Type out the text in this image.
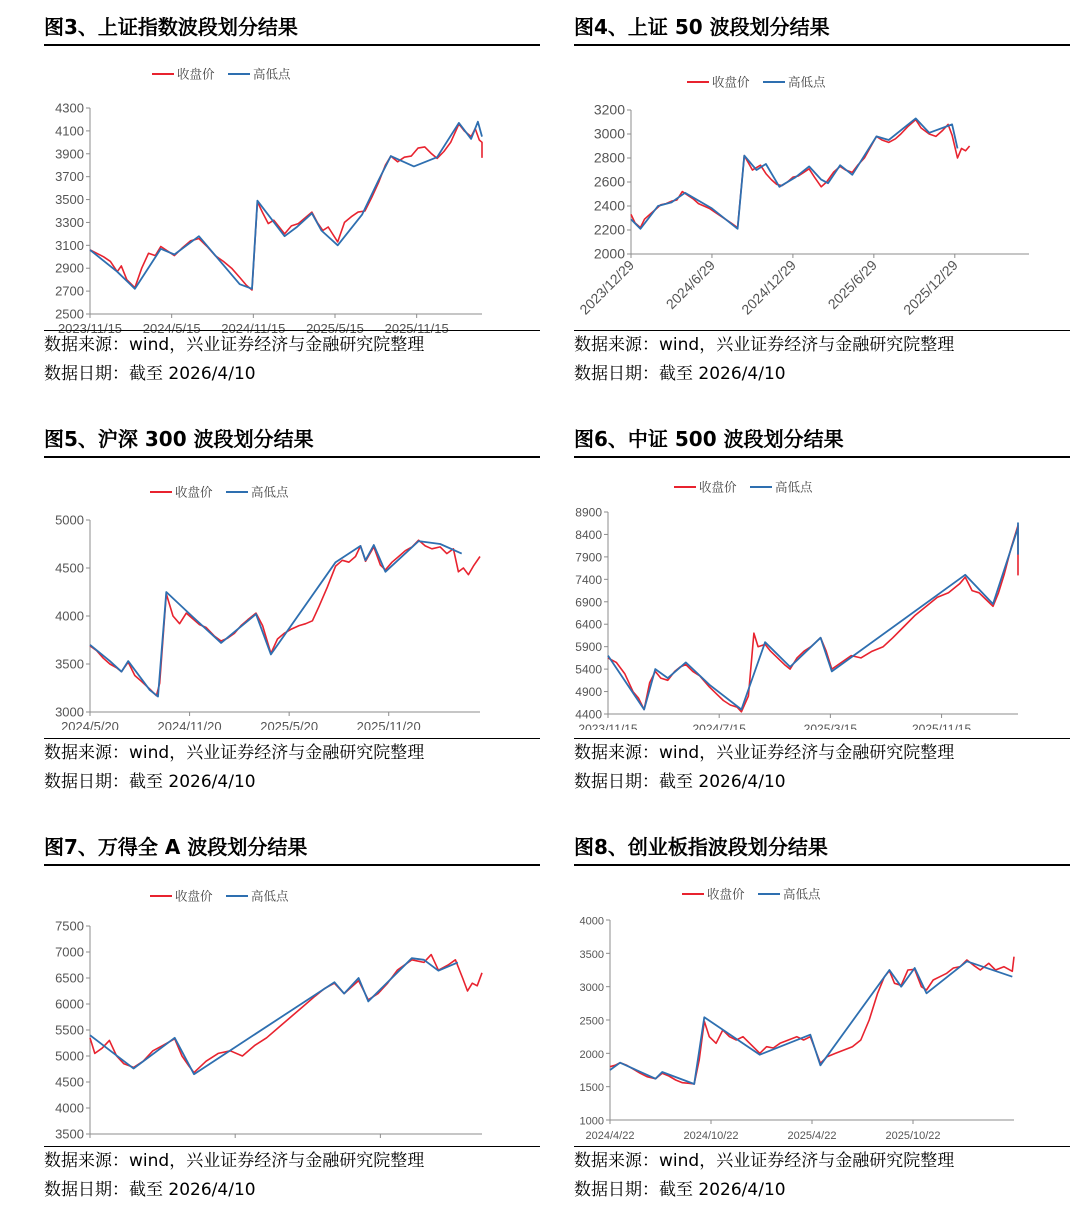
图3、上证指数波段划分结果
2500
2700
2900
3100
3300
3500
3700
3900
4100
4300
2023/11/15 2024/5/15 2024/11/15 2025/5/15 2025/11/15
收盘价	高低点
数据来源：wind，兴业证券经济与金融研究院整理
数据日期：截至 2026/4/10
图4、上证 50 波段划分结果
2000
2200
2400
2600
2800
3000
3200
2023/12/29 2024/6/29 2024/12/29 2025/6/29 2025/12/29
收盘价	高低点
数据来源：wind，兴业证券经济与金融研究院整理
数据日期：截至 2026/4/10
图5、沪深 300 波段划分结果
3000
3500
4000
4500
5000
2024/5/20	2024/11/20	2025/5/20	2025/11/20
收盘价	高低点
数据来源：wind，兴业证券经济与金融研究院整理
数据日期：截至 2026/4/10
图6、中证 500 波段划分结果
4400
4900
5400
5900
6400
6900
7400
7900
8400
8900
2023/11/15	2024/7/15	2025/3/15	2025/11/15
收盘价	高低点
数据来源：wind，兴业证券经济与金融研究院整理
数据日期：截至 2026/4/10
图7、万得全 A 波段划分结果
3500
4000
4500
5000
5500
6000
6500
7000
7500
收盘价	高低点
数据来源：wind，兴业证券经济与金融研究院整理
数据日期：截至 2026/4/10
图8、创业板指波段划分结果
1000
1500
2000
2500
3000
3500
4000
2024/4/22	2024/10/22	2025/4/22	2025/10/22
收盘价	高低点
数据来源：wind，兴业证券经济与金融研究院整理
数据日期：截至 2026/4/10
